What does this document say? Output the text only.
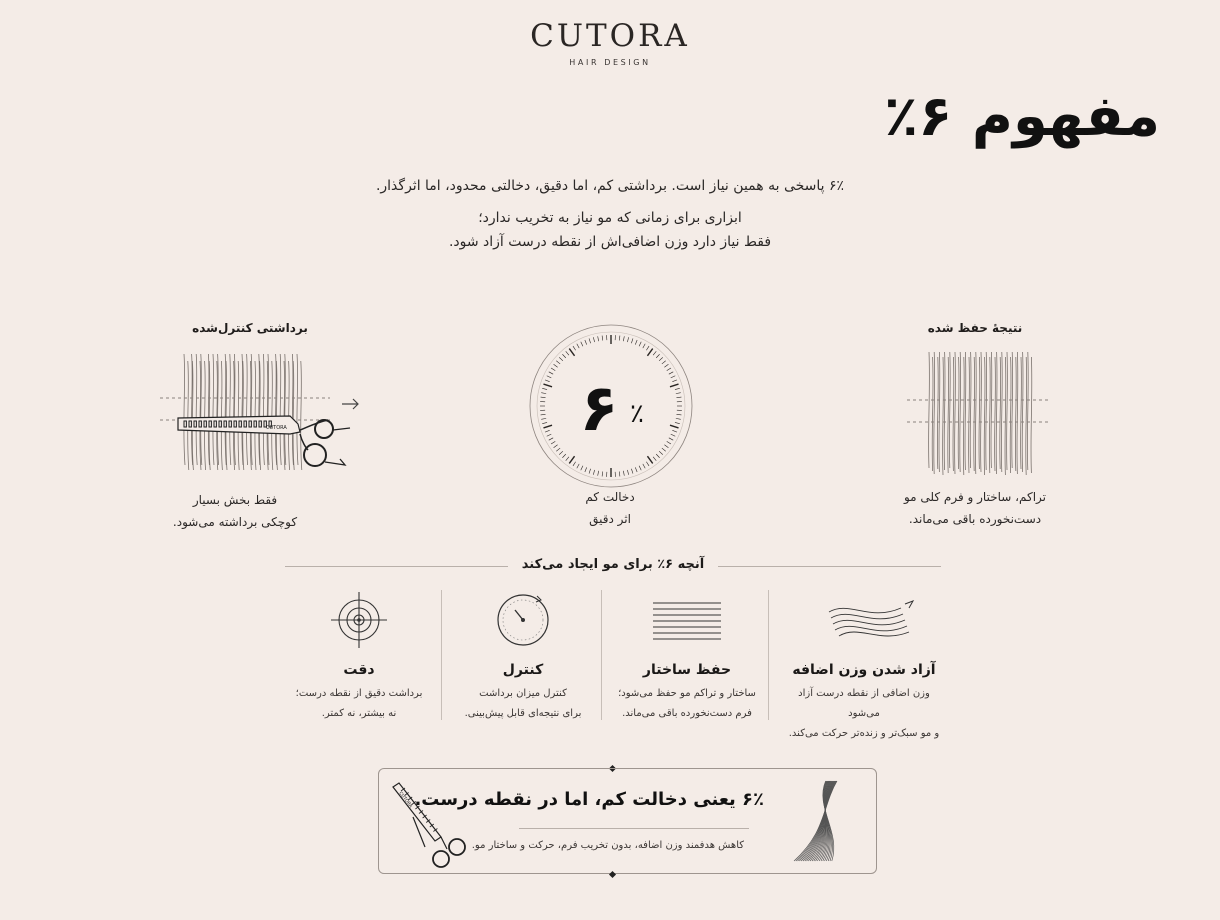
CUTORA
HAIR DESIGN
مفهوم ۶٪

۶٪ پاسخی به همین نیاز است. برداشتی کم، اما دقیق، دخالتی محدود، اما اثرگذار.

ابزاری برای زمانی که مو نیاز به تخریب ندارد؛

فقط نیاز دارد وزن اضافی‌اش از نقطه درست آزاد شود.

برداشتی کنترل‌شده
CUTORA
فقط بخش بسیار
کوچکی برداشته می‌شود.
۶ ٪
دخالت کم
اثر دقیق
نتیجهٔ حفظ شده
تراکم، ساختار و فرم کلی مو
دست‌نخورده باقی می‌ماند.
آنچه ۶٪ برای مو ایجاد می‌کند
آزاد شدن وزن اضافه
وزن اضافی از نقطه درست آزاد می‌شود
و مو سبک‌تر و زنده‌تر حرکت می‌کند.
حفظ ساختار
ساختار و تراکم مو حفظ می‌شود؛
فرم دست‌نخورده باقی می‌ماند.
کنترل
کنترل میزان برداشت
برای نتیجه‌ای قابل پیش‌بینی.
دقت
برداشت دقیق از نقطه درست؛
نه بیشتر، نه کمتر.
۶٪ یعنی دخالت کم، اما در نقطه درست.
کاهش هدفمند وزن اضافه، بدون تخریب فرم، حرکت و ساختار مو.
CUTORA
